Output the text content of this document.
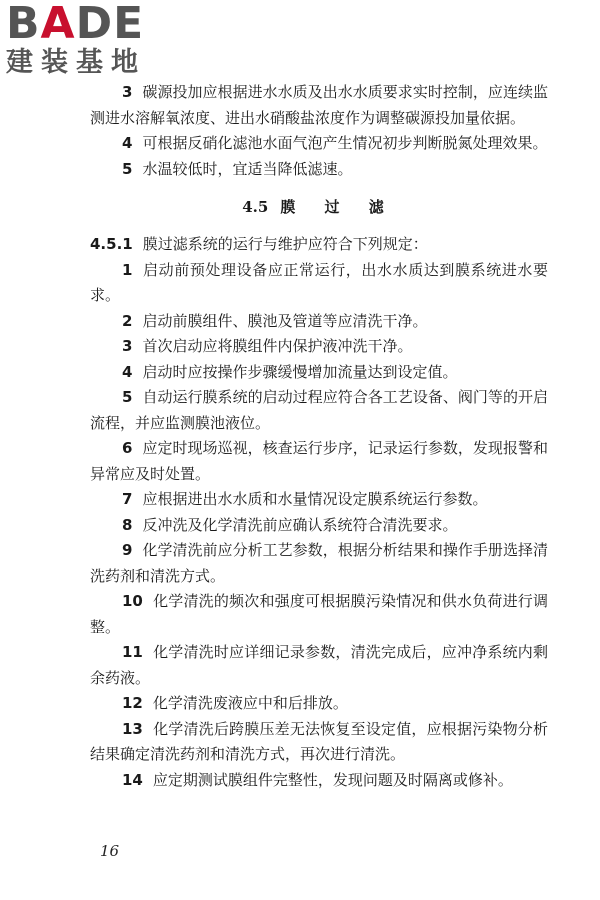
BADE
建装基地

3 碳源投加应根据进水水质及出水水质要求实时控制，应连续监测进水溶解氧浓度、进出水硝酸盐浓度作为调整碳源投加量依据。

4 可根据反硝化滤池水面气泡产生情况初步判断脱氮处理效果。

5 水温较低时，宜适当降低滤速。

4.5 膜 过 滤

4.5.1 膜过滤系统的运行与维护应符合下列规定：

1 启动前预处理设备应正常运行，出水水质达到膜系统进水要求。

2 启动前膜组件、膜池及管道等应清洗干净。

3 首次启动应将膜组件内保护液冲洗干净。

4 启动时应按操作步骤缓慢增加流量达到设定值。

5 自动运行膜系统的启动过程应符合各工艺设备、阀门等的开启流程，并应监测膜池液位。

6 应定时现场巡视，核查运行步序，记录运行参数，发现报警和异常应及时处置。

7 应根据进出水水质和水量情况设定膜系统运行参数。

8 反冲洗及化学清洗前应确认系统符合清洗要求。

9 化学清洗前应分析工艺参数，根据分析结果和操作手册选择清洗药剂和清洗方式。

10 化学清洗的频次和强度可根据膜污染情况和供水负荷进行调整。

11 化学清洗时应详细记录参数，清洗完成后，应冲净系统内剩余药液。

12 化学清洗废液应中和后排放。

13 化学清洗后跨膜压差无法恢复至设定值，应根据污染物分析结果确定清洗药剂和清洗方式，再次进行清洗。

14 应定期测试膜组件完整性，发现问题及时隔离或修补。

16
